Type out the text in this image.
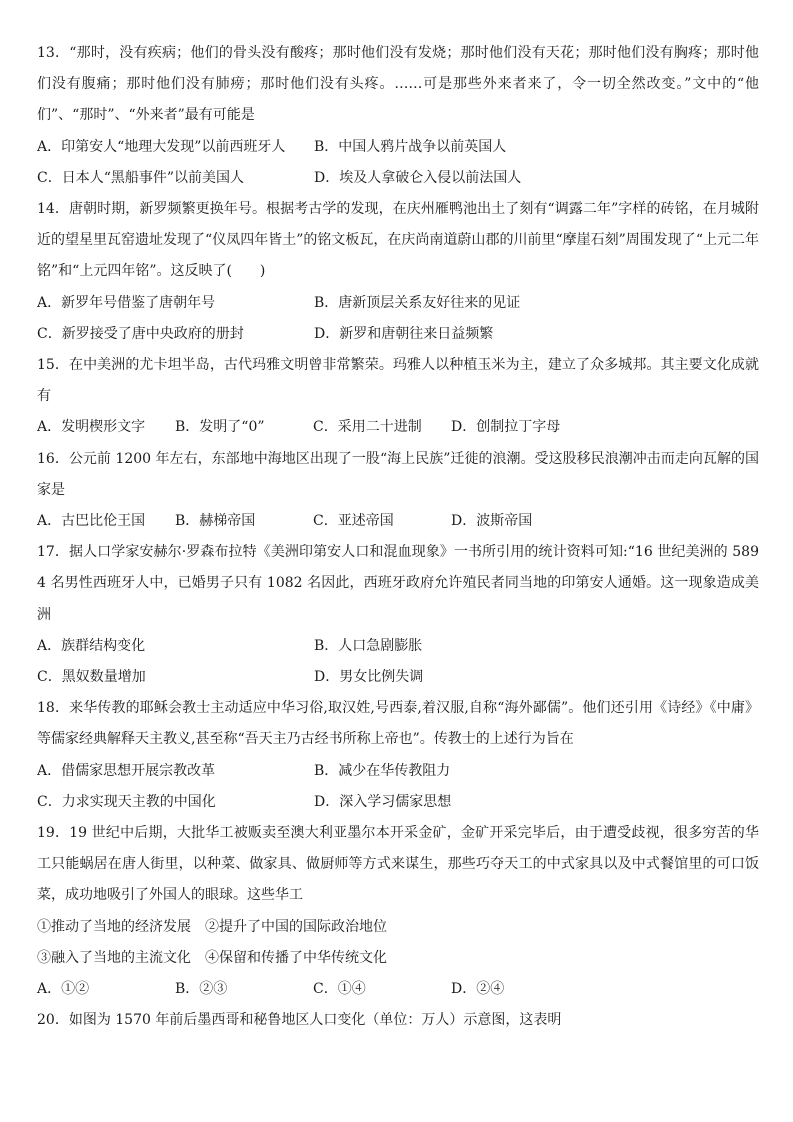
13．“那时，没有疾病；他们的骨头没有酸疼；那时他们没有发烧；那时他们没有天花；那时他们没有胸疼；那时他们没有腹痛；那时他们没有肺痨；那时他们没有头疼。……可是那些外来者来了，令一切全然改变。”文中的“他们”、“那时”、“外来者”最有可能是

A．印第安人“地理大发现”以前西班牙人	B．中国人鸦片战争以前英国人
C．日本人“黑船事件”以前美国人	D．埃及人拿破仑入侵以前法国人

14．唐朝时期，新罗频繁更换年号。根据考古学的发现，在庆州雁鸭池出土了刻有“调露二年”字样的砖铭，在月城附近的望星里瓦窑遗址发现了“仪凤四年皆土”的铭文板瓦，在庆尚南道蔚山郡的川前里“摩崖石刻”周围发现了“上元二年铭”和“上元四年铭”。这反映了(　　)

A．新罗年号借鉴了唐朝年号	B．唐新顶层关系友好往来的见证
C．新罗接受了唐中央政府的册封	D．新罗和唐朝往来日益频繁

15．在中美洲的尤卡坦半岛，古代玛雅文明曾非常繁荣。玛雅人以种植玉米为主，建立了众多城邦。其主要文化成就有

A．发明楔形文字	B．发明了“0”	C．采用二十进制	D．创制拉丁字母

16．公元前 1200 年左右，东部地中海地区出现了一股“海上民族”迁徙的浪潮。受这股移民浪潮冲击而走向瓦解的国家是

A．古巴比伦王国	B．赫梯帝国	C．亚述帝国	D．波斯帝国

17．据人口学家安赫尔·罗森布拉特《美洲印第安人口和混血现象》一书所引用的统计资料可知:“16 世纪美洲的 5894 名男性西班牙人中，已婚男子只有 1082 名因此，西班牙政府允许殖民者同当地的印第安人通婚。这一现象造成美洲

A．族群结构变化	B．人口急剧膨胀
C．黑奴数量增加	D．男女比例失调

18．来华传教的耶稣会教士主动适应中华习俗,取汉姓,号西泰,着汉服,自称“海外鄙儒”。他们还引用《诗经》《中庸》等儒家经典解释天主教义,甚至称“吾天主乃古经书所称上帝也”。传教士的上述行为旨在

A．借儒家思想开展宗教改革	B．减少在华传教阻力
C．力求实现天主教的中国化	D．深入学习儒家思想

19．19 世纪中后期，大批华工被贩卖至澳大利亚墨尔本开采金矿，金矿开采完毕后，由于遭受歧视，很多穷苦的华工只能蜗居在唐人街里，以种菜、做家具、做厨师等方式来谋生，那些巧夺天工的中式家具以及中式餐馆里的可口饭菜，成功地吸引了外国人的眼球。这些华工

①推动了当地的经济发展　②提升了中国的国际政治地位

③融入了当地的主流文化　④保留和传播了中华传统文化

A．①②	B．②③	C．①④	D．②④

20．如图为 1570 年前后墨西哥和秘鲁地区人口变化（单位：万人）示意图，这表明
